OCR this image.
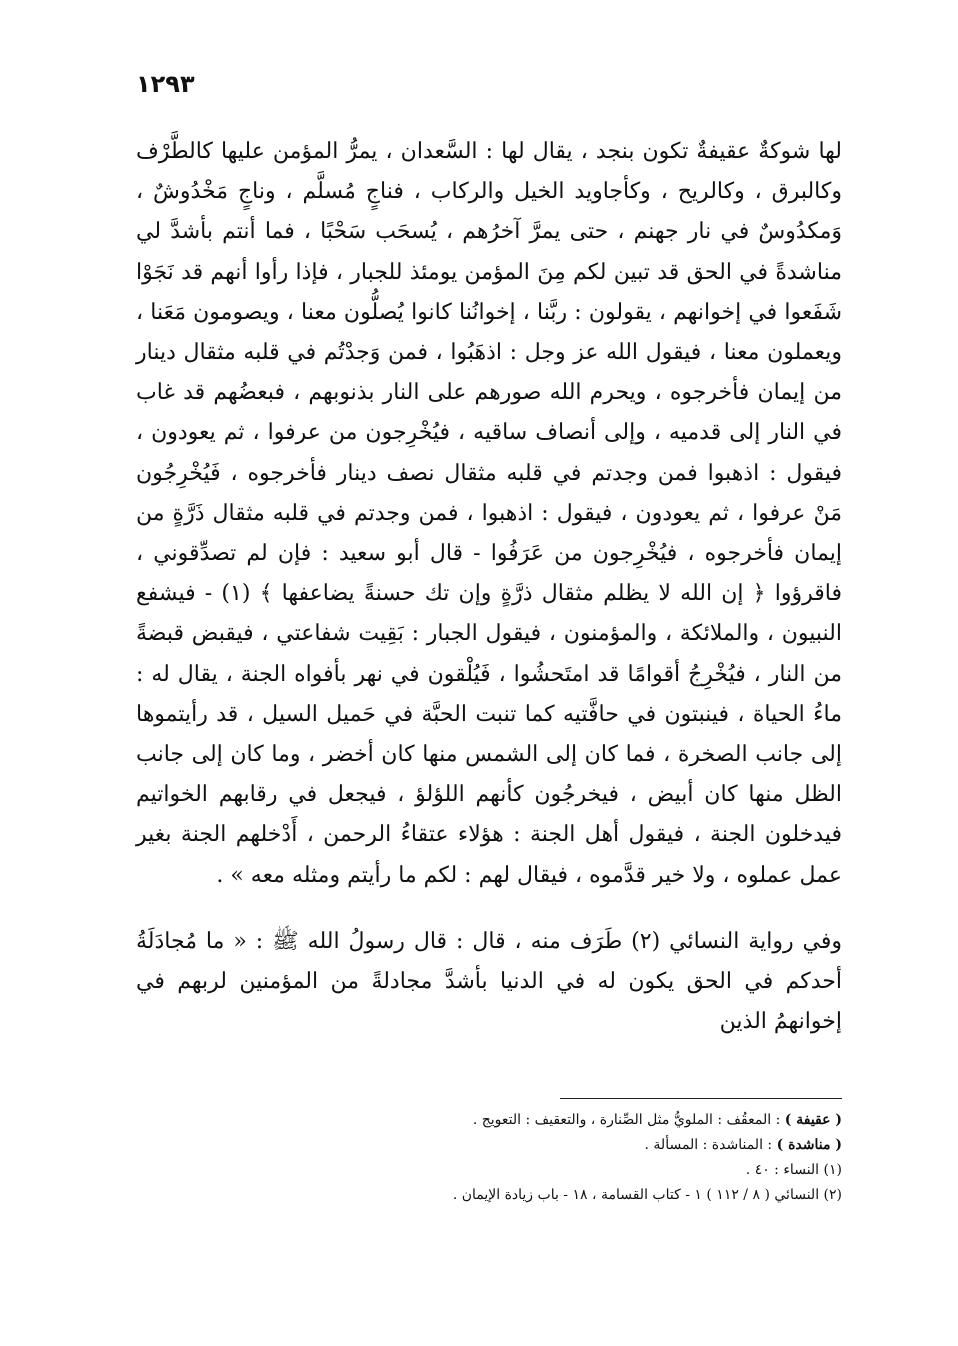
١٢٩٣

لها شوكةٌ عقيفةٌ تكون بنجد ، يقال لها : السَّعدان ، يمرُّ المؤمن عليها كالطَّرْف وكالبرق ، وكالريح ، وكأجاويد الخيل والركاب ، فناجٍ مُسلَّم ، وناجٍ مَخْدُوشٌ ، وَمكدُوسٌ في نار جهنم ، حتى يمرَّ آخرُهم ، يُسحَب سَحْبًا ، فما أنتم بأشدَّ لي مناشدةً في الحق قد تبين لكم مِنَ المؤمن يومئذ للجبار ، فإذا رأوا أنهم قد نَجَوْا شَفَعوا في إخوانهم ، يقولون : ربَّنا ، إخوانُنا كانوا يُصلُّون معنا ، ويصومون مَعَنا ، ويعملون معنا ، فيقول الله عز وجل : اذهَبُوا ، فمن وَجدْتُم في قلبه مثقال دينار من إيمان فأخرجوه ، ويحرم الله صورهم على النار بذنوبهم ، فبعضُهم قد غاب في النار إلى قدميه ، وإلى أنصاف ساقيه ، فيُخْرِجون من عرفوا ، ثم يعودون ، فيقول : اذهبوا فمن وجدتم في قلبه مثقال نصف دينار فأخرجوه ، فَيُخْرِجُون مَنْ عرفوا ، ثم يعودون ، فيقول : اذهبوا ، فمن وجدتم في قلبه مثقال ذَرَّةٍ من إيمان فأخرجوه ، فيُخْرِجون من عَرَفُوا - قال أبو سعيد : فإن لم تصدِّقوني ، فاقرؤوا ﴿ إن الله لا يظلم مثقال ذرَّةٍ وإن تك حسنةً يضاعفها ﴾ (١) - فيشفع النبيون ، والملائكة ، والمؤمنون ، فيقول الجبار : بَقِيت شفاعتي ، فيقبض قبضةً من النار ، فيُخْرِجُ أقوامًا قد امتَحشُوا ، فَيُلْقون في نهر بأفواه الجنة ، يقال له : ماءُ الحياة ، فينبتون في حافَّتيه كما تنبت الحبَّة في حَميل السيل ، قد رأيتموها إلى جانب الصخرة ، فما كان إلى الشمس منها كان أخضر ، وما كان إلى جانب الظل منها كان أبيض ، فيخرجُون كأنهم اللؤلؤ ، فيجعل في رقابهم الخواتيم فيدخلون الجنة ، فيقول أهل الجنة : هؤلاء عتقاءُ الرحمن ، أَدْخلهم الجنة بغير عمل عملوه ، ولا خير قدَّموه ، فيقال لهم : لكم ما رأيتم ومثله معه » .

وفي رواية النسائي (٢) طَرَف منه ، قال : قال رسولُ الله ﷺ : « ما مُجادَلَةُ أحدكم في الحق يكون له في الدنيا بأشدَّ مجادلةً من المؤمنين لربهم في إخوانهمُ الذين

( عقيفة ) : المعقُف : الملويُّ مثل الصِّنارة ، والتعقيف : التعويج .
( مناشدة ) : المناشدة : المسألة .
(١) النساء : ٤٠ .
(٢) النسائي ( ٨ / ١١٢ ) ١ - كتاب القسامة ، ١٨ - باب زيادة الإيمان .
